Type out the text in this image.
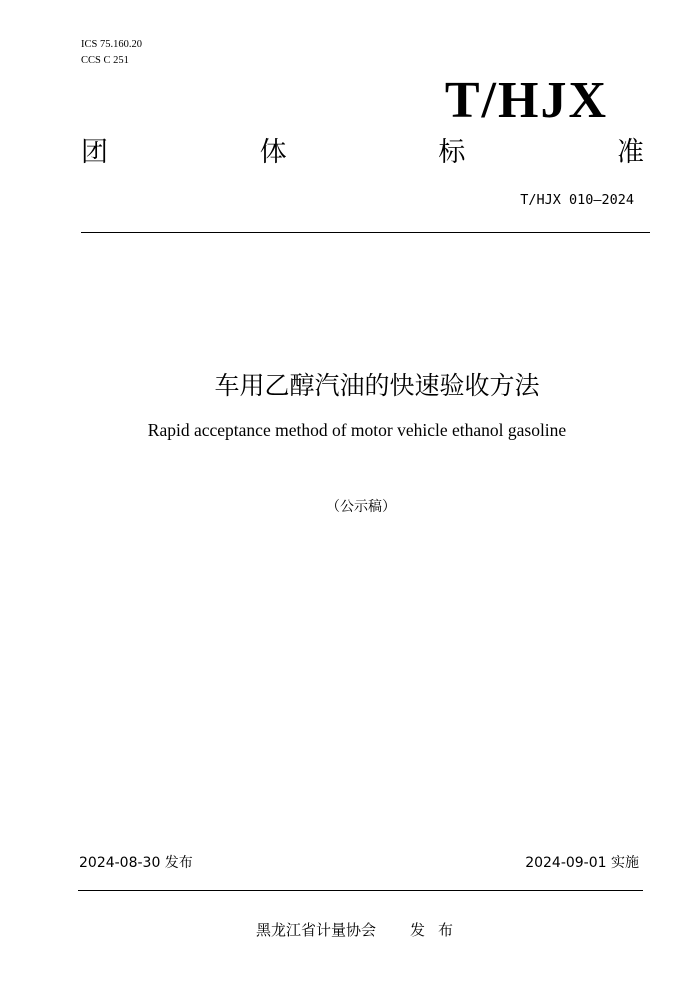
ICS 75.160.20
CCS C 251
T/HJX
团	体	标	准
T/HJX 010—2024
车用乙醇汽油的快速验收方法
Rapid acceptance method of motor vehicle ethanol gasoline
（公示稿）
2024-08-30 发布	2024-09-01 实施
黑龙江省计量协会 发布
